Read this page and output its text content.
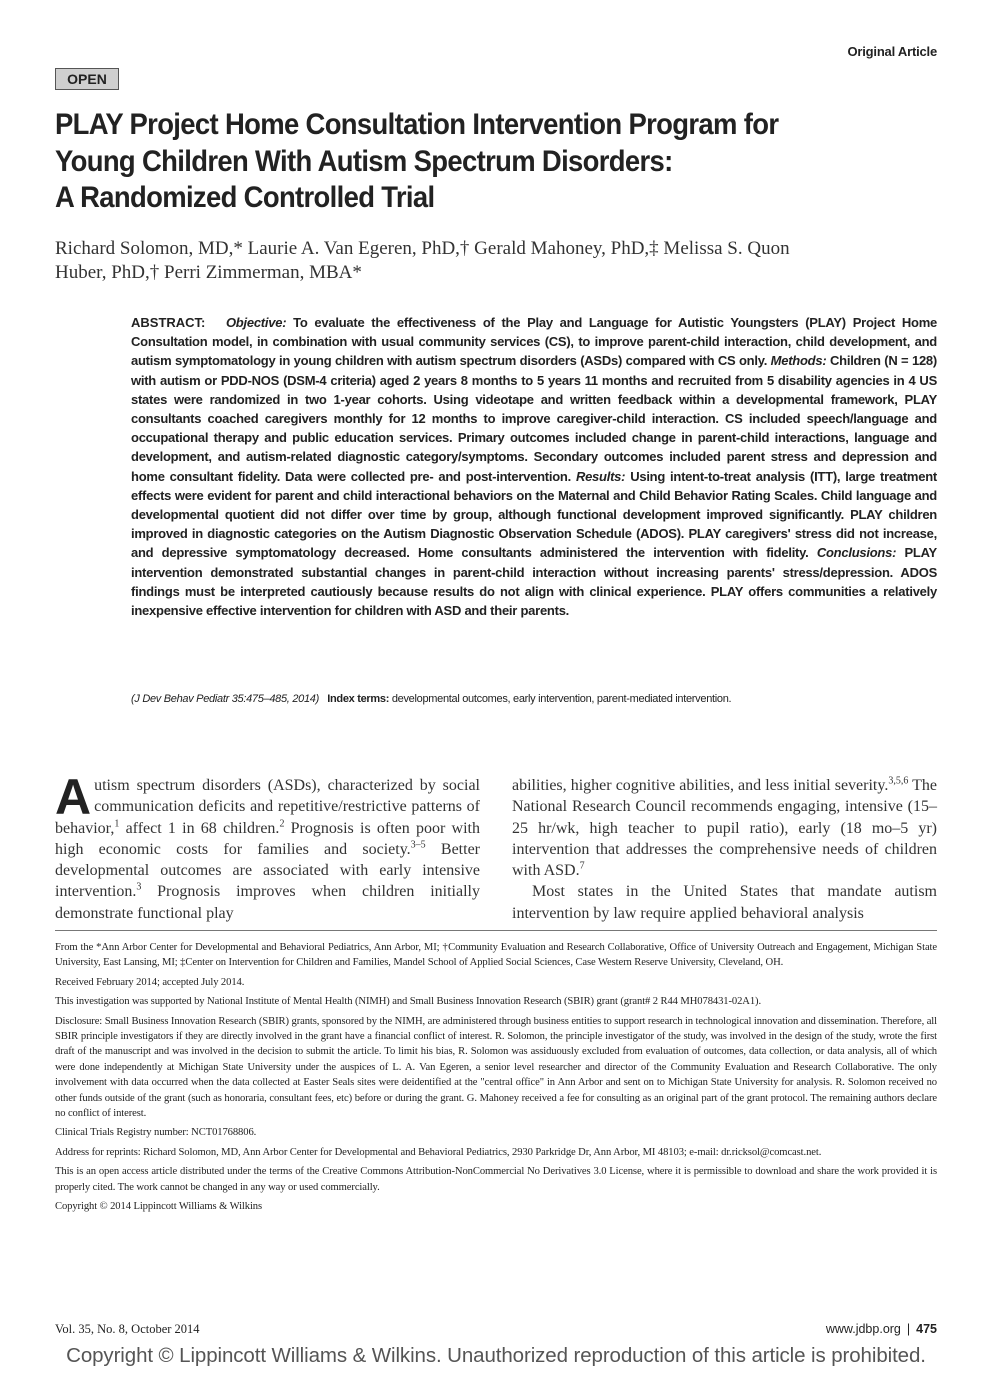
Original Article
OPEN
PLAY Project Home Consultation Intervention Program for
Young Children With Autism Spectrum Disorders:
A Randomized Controlled Trial
Richard Solomon, MD,* Laurie A. Van Egeren, PhD,† Gerald Mahoney, PhD,‡ Melissa S. Quon
Huber, PhD,† Perri Zimmerman, MBA*
ABSTRACT: Objective: To evaluate the effectiveness of the Play and Language for Autistic Youngsters (PLAY) Project Home Consultation model, in combination with usual community services (CS), to improve parent-child interaction, child development, and autism symptomatology in young children with autism spectrum disorders (ASDs) compared with CS only. Methods: Children (N = 128) with autism or PDD-NOS (DSM-4 criteria) aged 2 years 8 months to 5 years 11 months and recruited from 5 disability agencies in 4 US states were randomized in two 1-year cohorts. Using videotape and written feedback within a developmental framework, PLAY consultants coached caregivers monthly for 12 months to improve caregiver-child interaction. CS included speech/language and occupational therapy and public education services. Primary outcomes included change in parent-child interactions, language and development, and autism-related diagnostic category/symptoms. Secondary outcomes included parent stress and depression and home consultant fidelity. Data were collected pre- and post-intervention. Results: Using intent-to-treat analysis (ITT), large treatment effects were evident for parent and child interactional behaviors on the Maternal and Child Behavior Rating Scales. Child language and developmental quotient did not differ over time by group, although functional development improved significantly. PLAY children improved in diagnostic categories on the Autism Diagnostic Observation Schedule (ADOS). PLAY caregivers' stress did not increase, and depressive symptomatology decreased. Home consultants administered the intervention with fidelity. Conclusions: PLAY intervention demonstrated substantial changes in parent-child interaction without increasing parents' stress/depression. ADOS findings must be interpreted cautiously because results do not align with clinical experience. PLAY offers communities a relatively inexpensive effective intervention for children with ASD and their parents.
(J Dev Behav Pediatr 35:475–485, 2014) Index terms: developmental outcomes, early intervention, parent-mediated intervention.

Autism spectrum disorders (ASDs), characterized by social communication deficits and repetitive/restrictive patterns of behavior,$^1$ affect 1 in 68 children.$^2$ Prognosis is often poor with high economic costs for families and society.$^{3-5}$ Better developmental outcomes are associated with early intensive intervention.$^3$ Prognosis improves when children initially demonstrate functional play

abilities, higher cognitive abilities, and less initial severity.$^{3,5,6}$ The National Research Council recommends engaging, intensive (15–25 hr/wk, high teacher to pupil ratio), early (18 mo–5 yr) intervention that addresses the comprehensive needs of children with ASD.$^7$

Most states in the United States that mandate autism intervention by law require applied behavioral analysis

From the *Ann Arbor Center for Developmental and Behavioral Pediatrics, Ann Arbor, MI; †Community Evaluation and Research Collaborative, Office of University Outreach and Engagement, Michigan State University, East Lansing, MI; ‡Center on Intervention for Children and Families, Mandel School of Applied Social Sciences, Case Western Reserve University, Cleveland, OH.

Received February 2014; accepted July 2014.

This investigation was supported by National Institute of Mental Health (NIMH) and Small Business Innovation Research (SBIR) grant (grant# 2 R44 MH078431-02A1).

Disclosure: Small Business Innovation Research (SBIR) grants, sponsored by the NIMH, are administered through business entities to support research in technological innovation and dissemination. Therefore, all SBIR principle investigators if they are directly involved in the grant have a financial conflict of interest. R. Solomon, the principle investigator of the study, was involved in the design of the study, wrote the first draft of the manuscript and was involved in the decision to submit the article. To limit his bias, R. Solomon was assiduously excluded from evaluation of outcomes, data collection, or data analysis, all of which were done independently at Michigan State University under the auspices of L. A. Van Egeren, a senior level researcher and director of the Community Evaluation and Research Collaborative. The only involvement with data occurred when the data collected at Easter Seals sites were deidentified at the "central office" in Ann Arbor and sent on to Michigan State University for analysis. R. Solomon received no other funds outside of the grant (such as honoraria, consultant fees, etc) before or during the grant. G. Mahoney received a fee for consulting as an original part of the grant protocol. The remaining authors declare no conflict of interest.

Clinical Trials Registry number: NCT01768806.

Address for reprints: Richard Solomon, MD, Ann Arbor Center for Developmental and Behavioral Pediatrics, 2930 Parkridge Dr, Ann Arbor, MI 48103; e-mail: dr.ricksol@comcast.net.

This is an open access article distributed under the terms of the Creative Commons Attribution-NonCommercial No Derivatives 3.0 License, where it is permissible to download and share the work provided it is properly cited. The work cannot be changed in any way or used commercially.

Copyright © 2014 Lippincott Williams & Wilkins

Vol. 35, No. 8, October 2014	www.jdbp.org | 475
Copyright © Lippincott Williams & Wilkins. Unauthorized reproduction of this article is prohibited.
